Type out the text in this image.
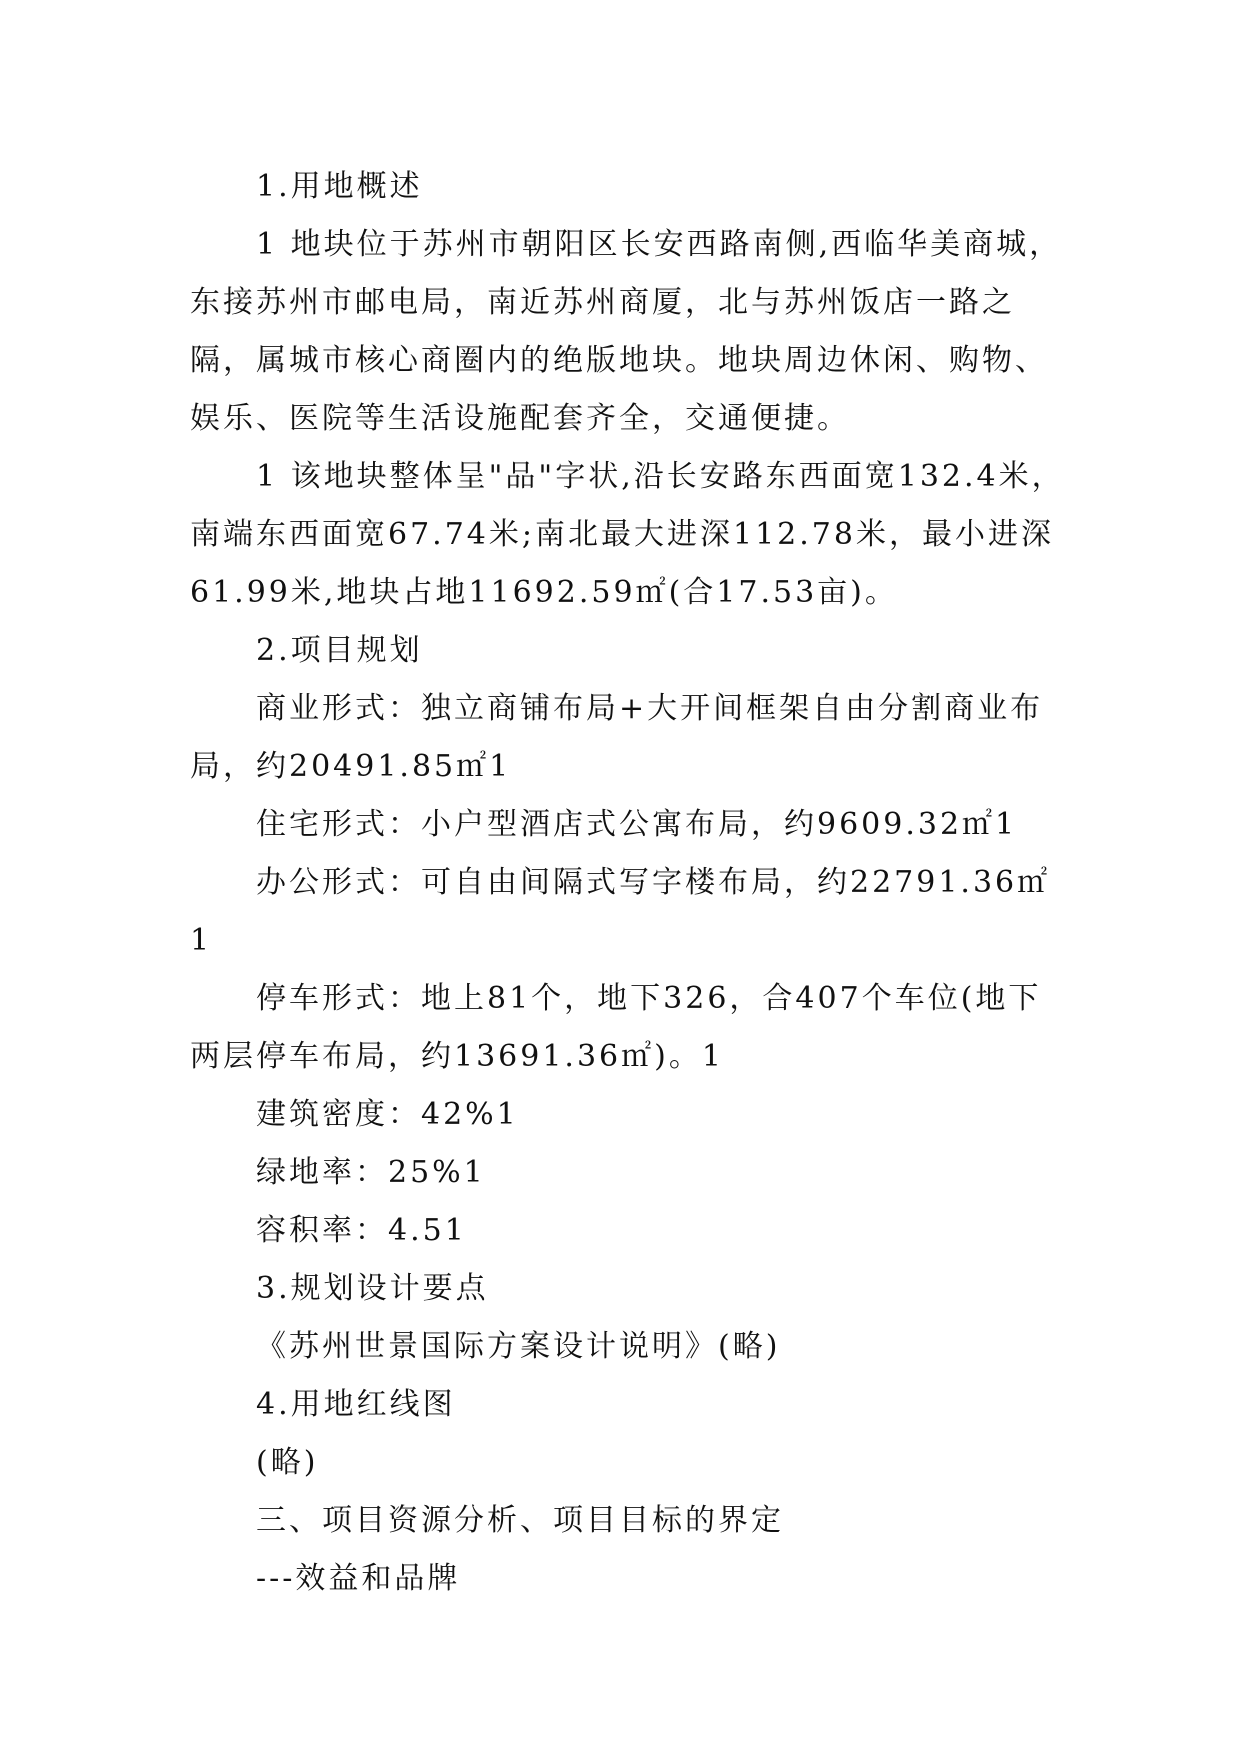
1.用地概述

1 地块位于苏州市朝阳区长安西路南侧,西临华美商城，东接苏州市邮电局，南近苏州商厦，北与苏州饭店一路之隔，属城市核心商圈内的绝版地块。地块周边休闲、购物、娱乐、医院等生活设施配套齐全，交通便捷。

1 该地块整体呈"品"字状,沿长安路东西面宽132.4米，南端东西面宽67.74米;南北最大进深112.78米，最小进深61.99米,地块占地11692.59㎡(合17.53亩)。

2.项目规划

商业形式：独立商铺布局+大开间框架自由分割商业布局，约20491.85㎡1

住宅形式：小户型酒店式公寓布局，约9609.32㎡1

办公形式：可自由间隔式写字楼布局，约22791.36㎡1

停车形式：地上81个，地下326，合407个车位(地下两层停车布局，约13691.36㎡)。1

建筑密度：42%1

绿地率：25%1

容积率：4.51

3.规划设计要点

《苏州世景国际方案设计说明》(略)

4.用地红线图

(略)

三、项目资源分析、项目目标的界定

---效益和品牌
